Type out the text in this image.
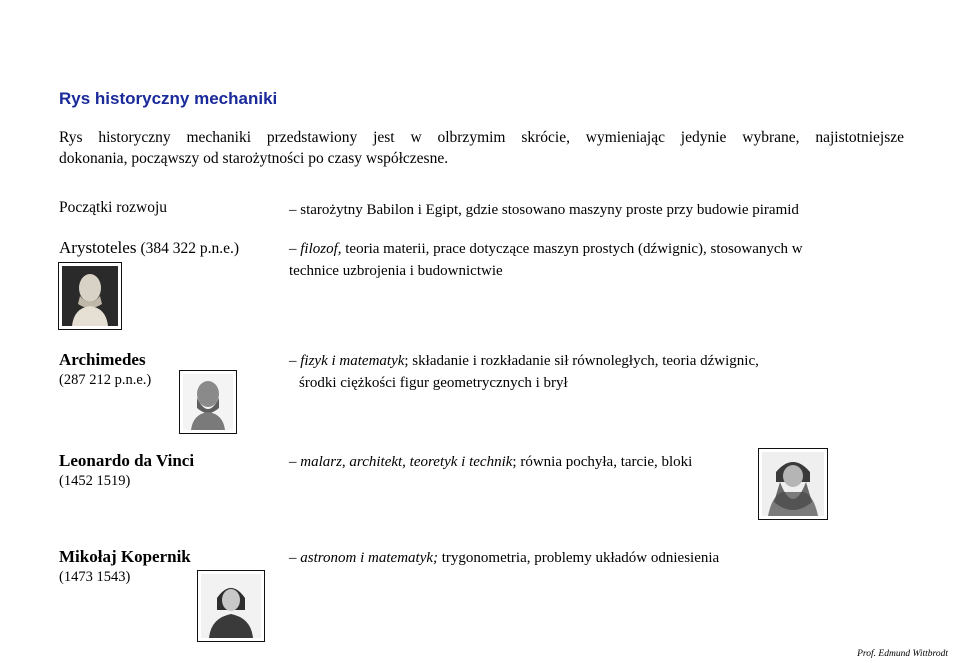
Rys historyczny mechaniki
Rys historyczny mechaniki przedstawiony jest w olbrzymim skrócie, wymieniając jedynie wybrane, najistotniejsze
dokonania, począwszy od starożytności po czasy współczesne.
Początki rozwoju	– starożytny Babilon i Egipt, gdzie stosowano maszyny proste przy budowie piramid
Arystoteles (384 322 p.n.e.)	– filozof, teoria materii, prace dotyczące maszyn prostych (dźwignic), stosowanych w
technice uzbrojenia i budownictwie
Archimedes
(287 212 p.n.e.)
– fizyk i matematyk; składanie i rozkładanie sił równoległych, teoria dźwignic,
środki ciężkości figur geometrycznych i brył
Leonardo da Vinci
(1452 1519)
– malarz, architekt, teoretyk i technik; równia pochyła, tarcie, bloki
Mikołaj Kopernik
(1473 1543)
– astronom i matematyk; trygonometria, problemy układów odniesienia
Prof. Edmund Wittbrodt
